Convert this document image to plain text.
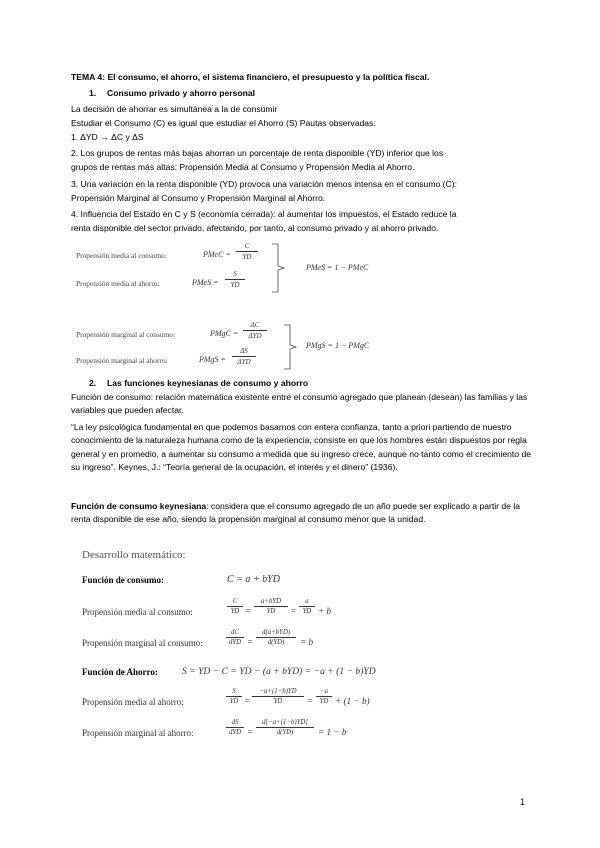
TEMA 4: El consumo, el ahorro, el sistema financiero, el presupuesto y la política fiscal.
1. Consumo privado y ahorro personal
La decisión de ahorrar es simultánea a la de consumir
Estudiar el Consumo (C) es igual que estudiar el Ahorro (S) Pautas observadas:
1. ΔYD → ΔC y ΔS
2. Los grupos de rentas más bajas ahorran un porcentaje de renta disponible (YD) inferior que los
grupos de rentas más altas: Propensión Media al Consumo y Propensión Media al Ahorro.
3. Una variación en la renta disponible (YD) provoca una variación menos intensa en el consumo (C):
Propensión Marginal al Consumo y Propensión Marginal al Ahorro.
4. Influencia del Estado en C y S (economía cerrada): al aumentar los impuestos, el Estado reduce la
renta disponible del sector privado, afectando, por tanto, al consumo privado y al ahorro privado.
Propensión media al consumo:	PMeC =
C
YD
Propensión media al ahorro:	PMeS =
S
YD
PMeS = 1 − PMeC
Propensión marginal al consumo:	PMgC =
ΔC
ΔYD
Propensión marginal al ahorro:	PMgS =
ΔS
ΔYD
PMgS = 1 − PMgC
2. Las funciones keynesianas de consumo y ahorro
Función de consumo: relación matemática existente entre el consumo agregado que planean (desean) las familias y las variables que pueden afectar.
“La ley psicológica fundamental en que podemos basarnos con entera confianza, tanto a priori partiendo de nuestro conocimiento de la naturaleza humana como de la experiencia, consiste en que los hombres están dispuestos por regla general y en promedio, a aumentar su consumo a medida que su ingreso crece, aunque no tanto como el crecimiento de su ingreso”. Keynes, J.: “Teoría general de la ocupación, el interés y el dinero” (1936).
Función de consumo keynesiana: considera que el consumo agregado de un año puede ser explicado a partir de la renta disponible de ese año, siendo la propensión marginal al consumo menor que la unidad.
Desarrollo matemático:
Función de consumo:	C = a + bYD
Propensión media al consumo:
C
YD =
a+bYD
YD	=
a
YD + b
Propensión marginal al consumo:
dC
dYD =
d(a+bYD)
d(YD)	= b
Función de Ahorro:	S = YD − C = YD − (a + bYD) = −a + (1 − b)YD
Propensión media al ahorro:
S
YD =
−a+(1−b)YD
YD	=
−a
YD + (1 − b)
Propensión marginal al ahorro:
dS
dYD =
d[−a+(1−b)YD]
d(YD)	= 1 − b
1
